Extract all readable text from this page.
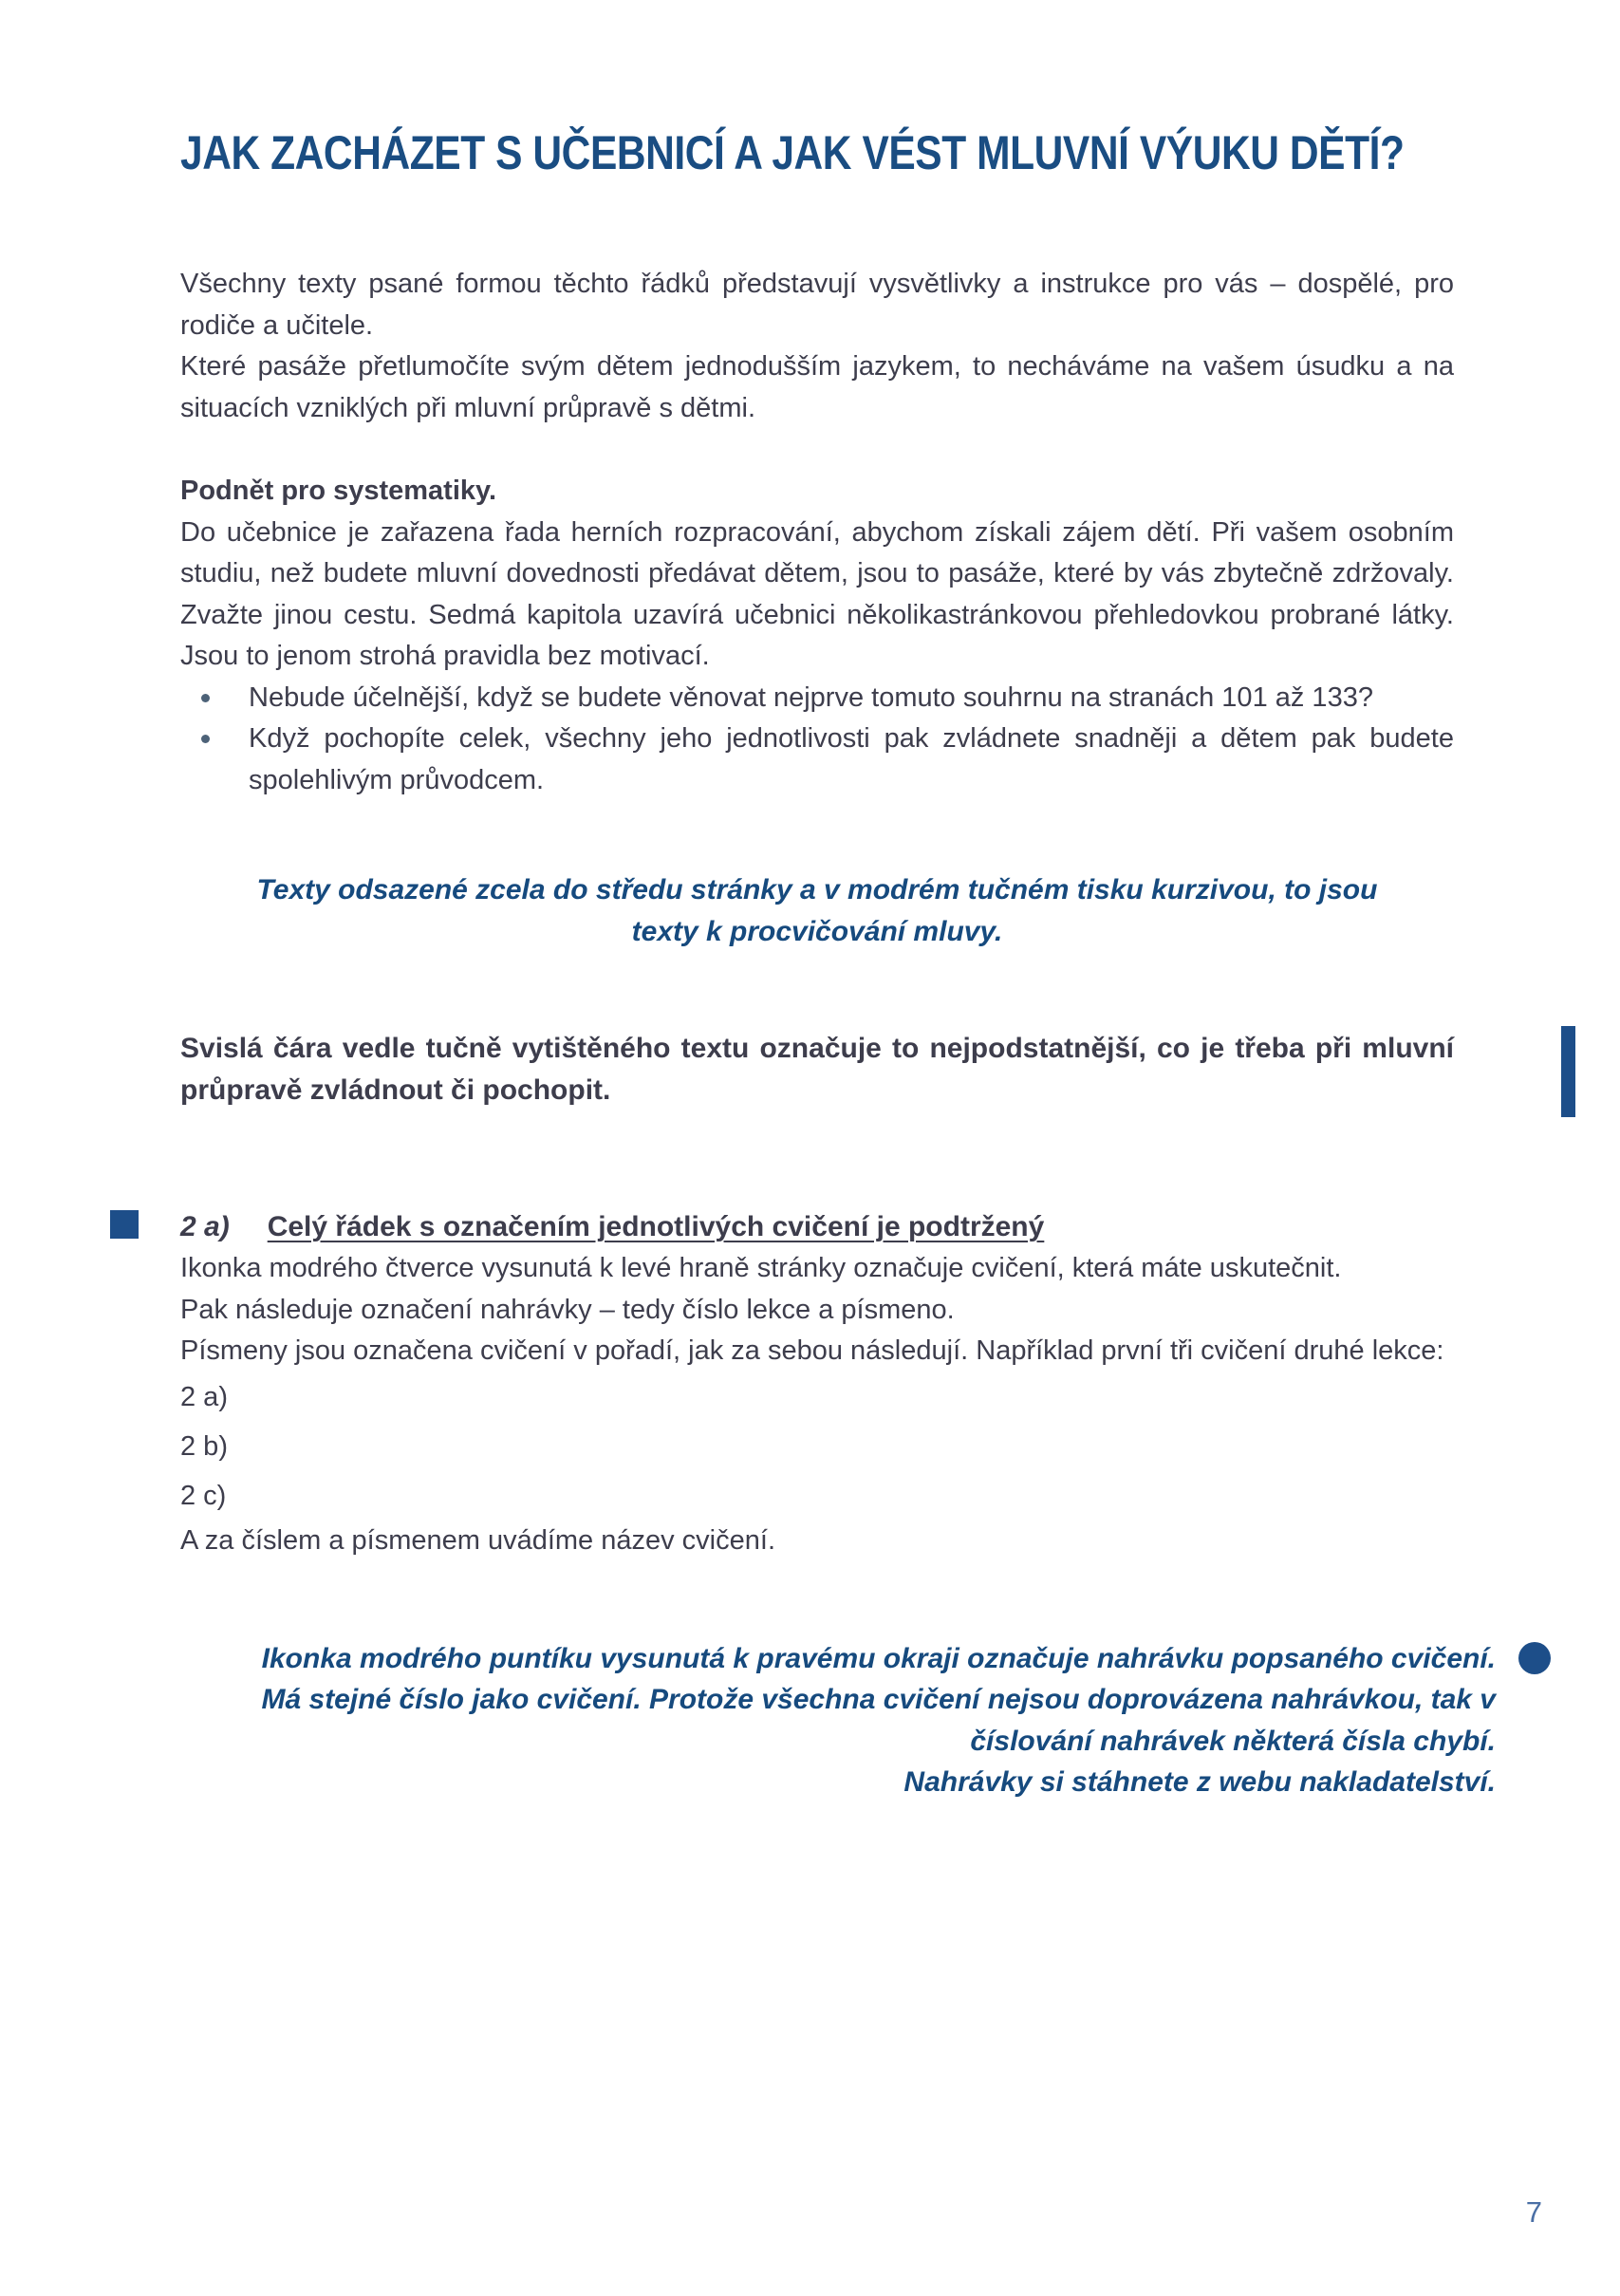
JAK ZACHÁZET S UČEBNICÍ A JAK VÉST MLUVNÍ VÝUKU DĚTÍ?

Všechny texty psané formou těchto řádků představují vysvětlivky a instrukce pro vás – dospělé, pro rodiče a učitele.

Které pasáže přetlumočíte svým dětem jednodušším jazykem, to necháváme na vašem úsudku a na situacích vzniklých při mluvní průpravě s dětmi.

Podnět pro systematiky.

Do učebnice je zařazena řada herních rozpracování, abychom získali zájem dětí. Při vašem osobním studiu, než budete mluvní dovednosti předávat dětem, jsou to pasáže, které by vás zbytečně zdržovaly. Zvažte jinou cestu. Sedmá kapitola uzavírá učebnici několikastránkovou přehledovkou probrané látky. Jsou to jenom strohá pravidla bez motivací.

Nebude účelnější, když se budete věnovat nejprve tomuto souhrnu na stranách 101 až 133?
Když pochopíte celek, všechny jeho jednotlivosti pak zvládnete snadněji a dětem pak budete spolehlivým průvodcem.
Texty odsazené zcela do středu stránky a v modrém tučném tisku kurzivou, to jsou texty k procvičování mluvy.
Svislá čára vedle tučně vytištěného textu označuje to nejpodstatnější, co je třeba při mluvní průpravě zvládnout či pochopit.
2 a) Celý řádek s označením jednotlivých cvičení je podtržený

Ikonka modrého čtverce vysunutá k levé hraně stránky označuje cvičení, která máte uskutečnit.

Pak následuje označení nahrávky – tedy číslo lekce a písmeno.

Písmeny jsou označena cvičení v pořadí, jak za sebou následují. Například první tři cvičení druhé lekce:

2 a)
2 b)
2 c)

A za číslem a písmenem uvádíme název cvičení.

Ikonka modrého puntíku vysunutá k pravému okraji označuje nahrávku popsaného cvičení.
Má stejné číslo jako cvičení. Protože všechna cvičení nejsou doprovázena nahrávkou, tak v číslování nahrávek některá čísla chybí.
Nahrávky si stáhnete z webu nakladatelství.
7
